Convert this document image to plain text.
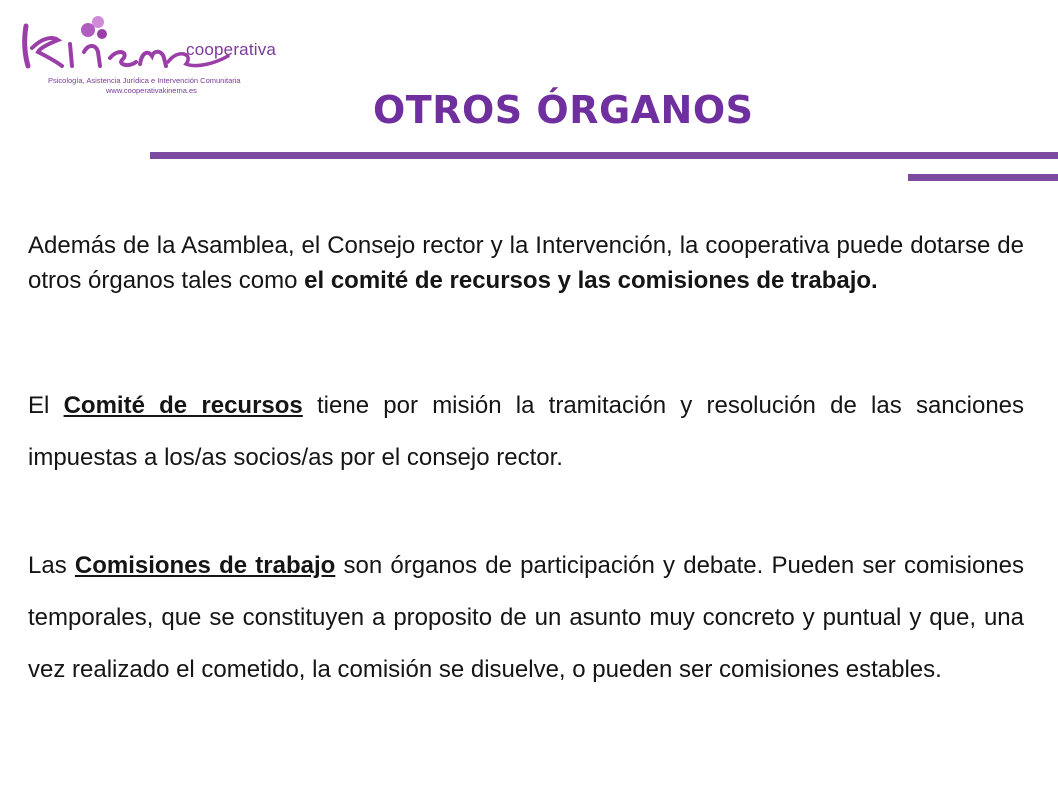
cooperativa
Psicología, Asistencia Jurídica e Intervención Comunitaria
www.cooperativakinema.es	OTROS ÓRGANOS
Además de la Asamblea, el Consejo rector y la Intervención, la cooperativa puede dotarse de otros órganos tales como el comité de recursos y las comisiones de trabajo.
El Comité de recursos tiene por misión la tramitación y resolución de las sanciones impuestas a los/as socios/as por el consejo rector.
Las Comisiones de trabajo son órganos de participación y debate. Pueden ser comisiones temporales, que se constituyen a proposito de un asunto muy concreto y puntual y que, una vez realizado el cometido, la comisión se disuelve, o pueden ser comisiones estables.
